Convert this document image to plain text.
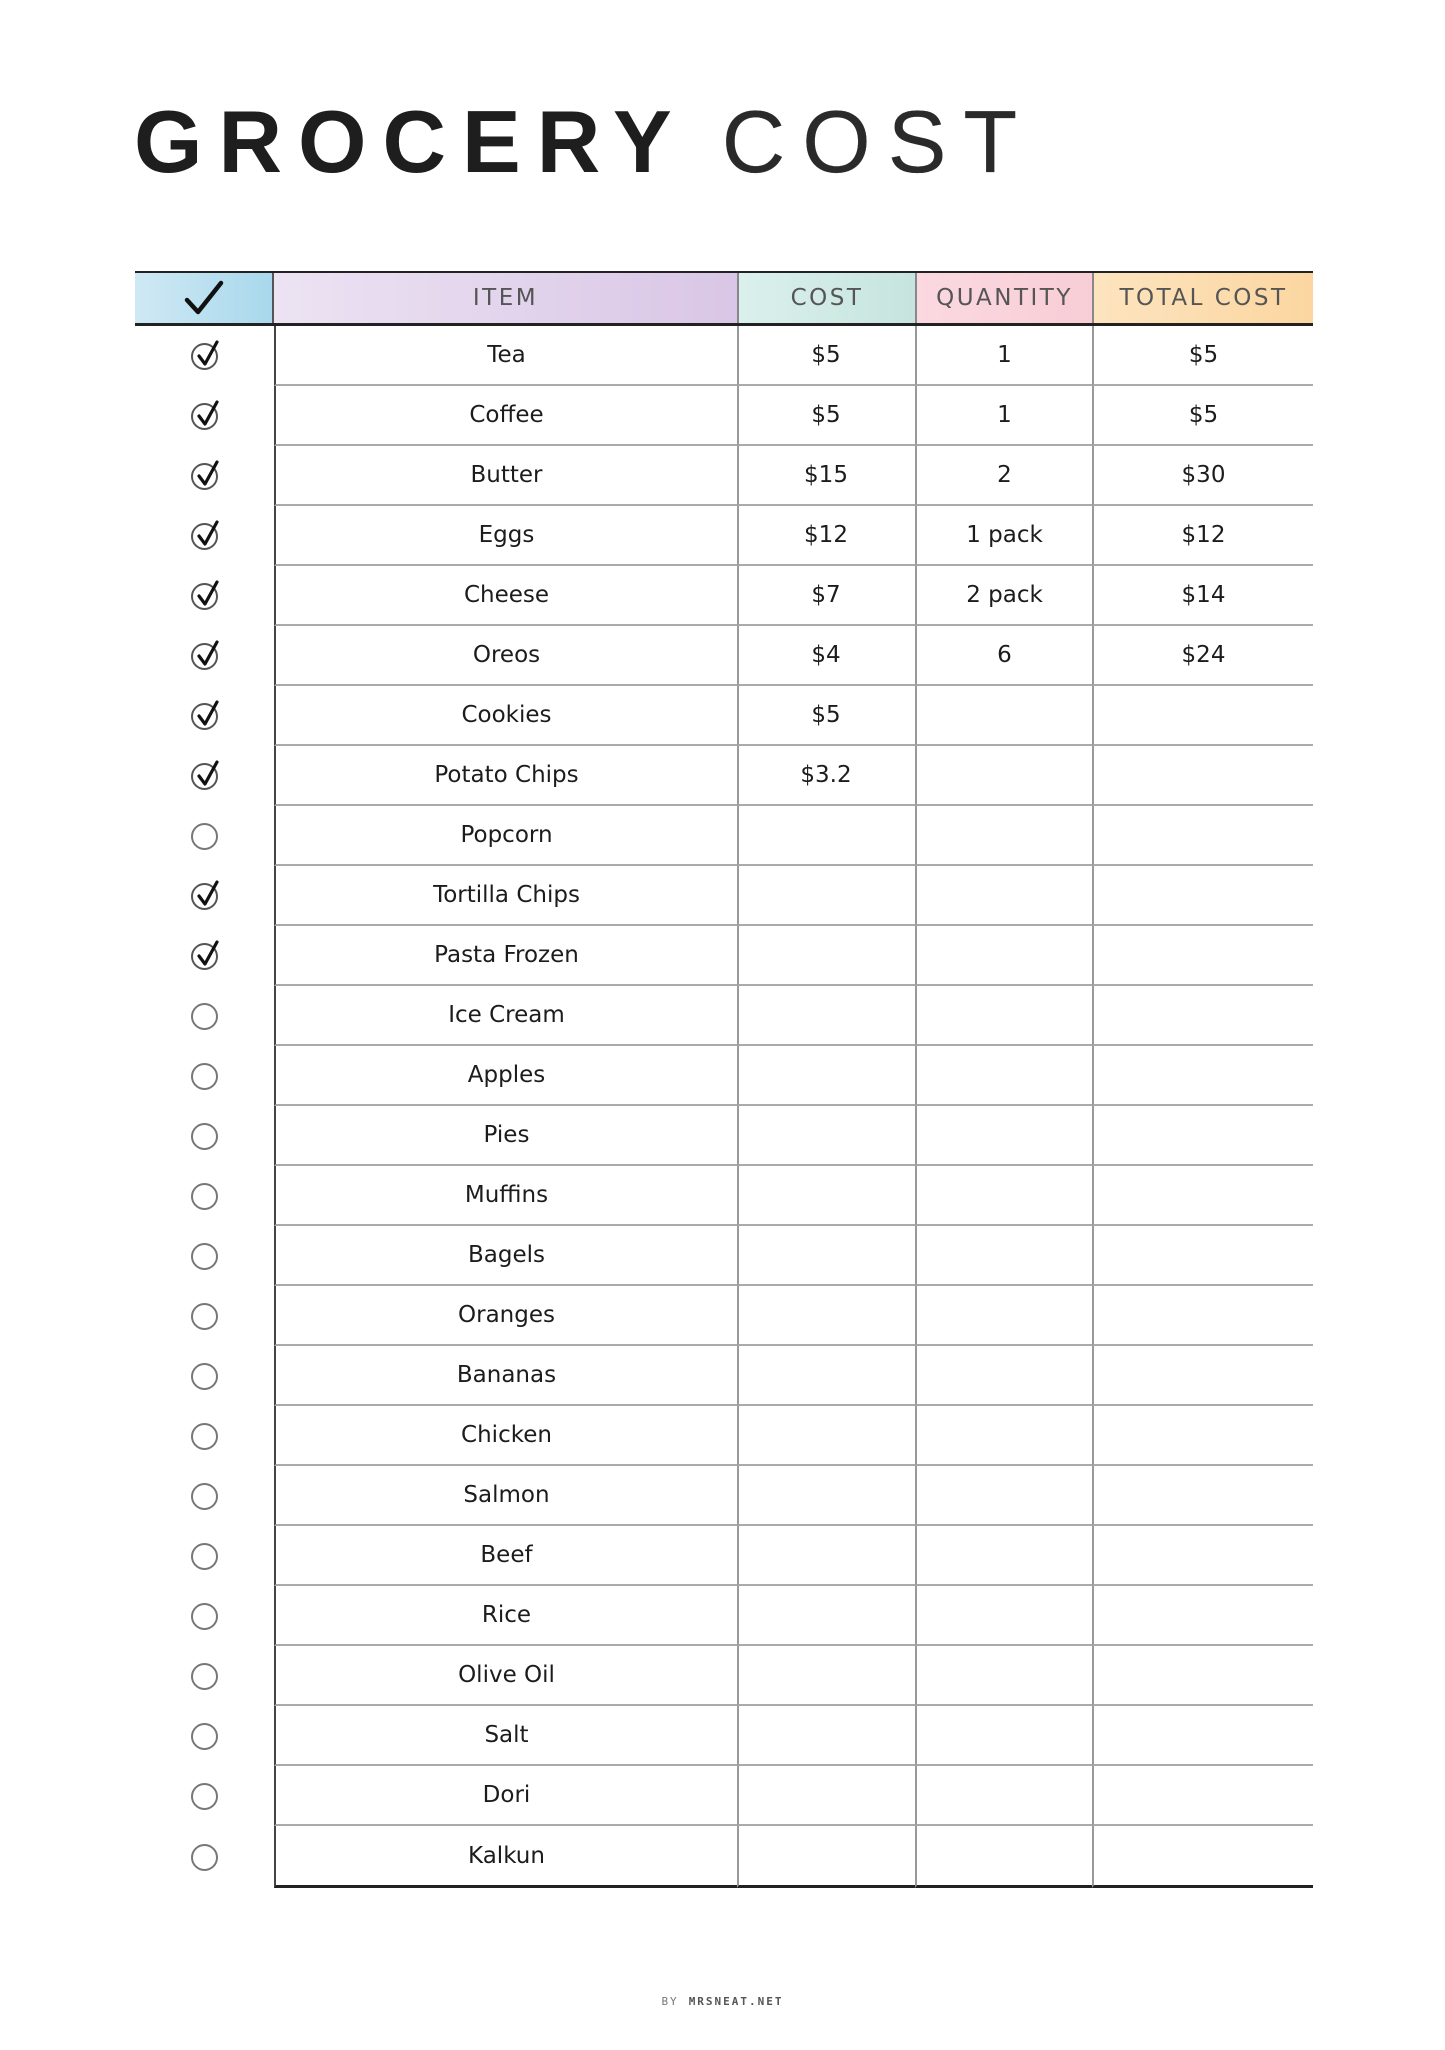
GROCERY COST
ITEM	COST	QUANTITY	TOTAL COST
Tea	$5	1	$5
Coffee	$5	1	$5
Butter	$15	2	$30
Eggs	$12	1 pack	$12
Cheese	$7	2 pack	$14
Oreos	$4	6	$24
Cookies	$5
Potato Chips	$3.2
Popcorn
Tortilla Chips
Pasta Frozen
Ice Cream
Apples
Pies
Muffins
Bagels
Oranges
Bananas
Chicken
Salmon
Beef
Rice
Olive Oil
Salt
Dori
Kalkun
BY MRSNEAT.NET
